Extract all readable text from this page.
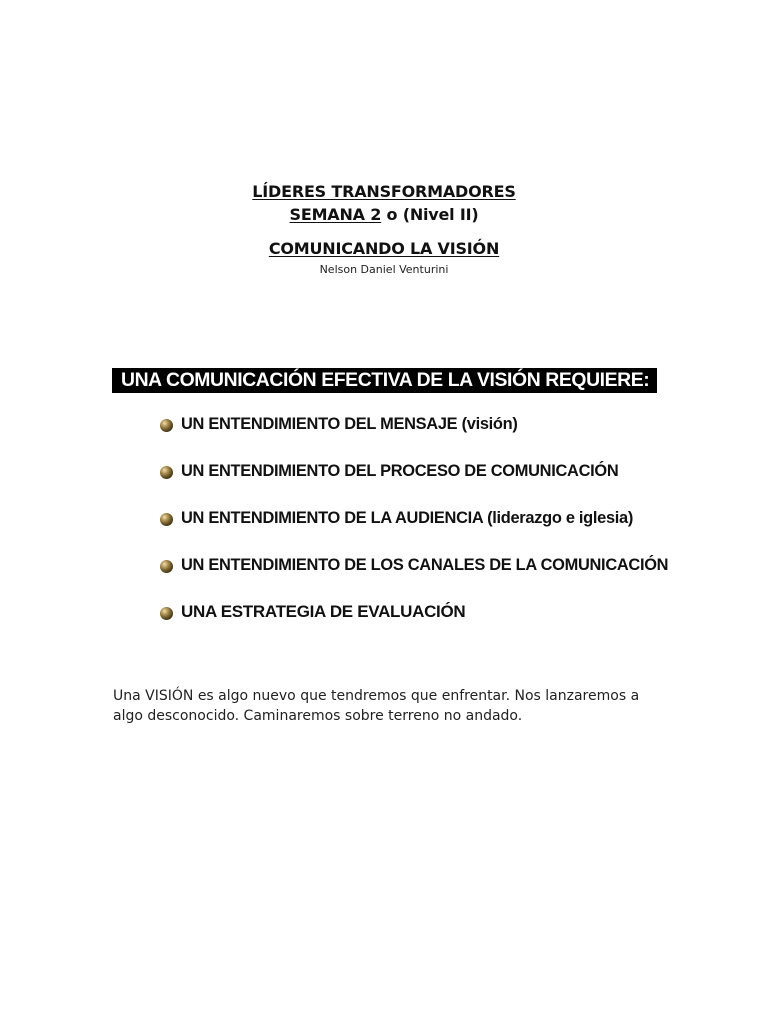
LÍDERES TRANSFORMADORES
SEMANA 2 o (Nivel II)
COMUNICANDO LA VISIÓN
Nelson Daniel Venturini
UNA COMUNICACIÓN EFECTIVA DE LA VISIÓN REQUIERE:
UN ENTENDIMIENTO DEL MENSAJE (visión)
UN ENTENDIMIENTO DEL PROCESO DE COMUNICACIÓN
UN ENTENDIMIENTO DE LA AUDIENCIA (liderazgo e iglesia)
UN ENTENDIMIENTO DE LOS CANALES DE LA COMUNICACIÓN
UNA ESTRATEGIA DE EVALUACIÓN

Una VISIÓN es algo nuevo que tendremos que enfrentar. Nos lanzaremos a algo desconocido. Caminaremos sobre terreno no andado.
